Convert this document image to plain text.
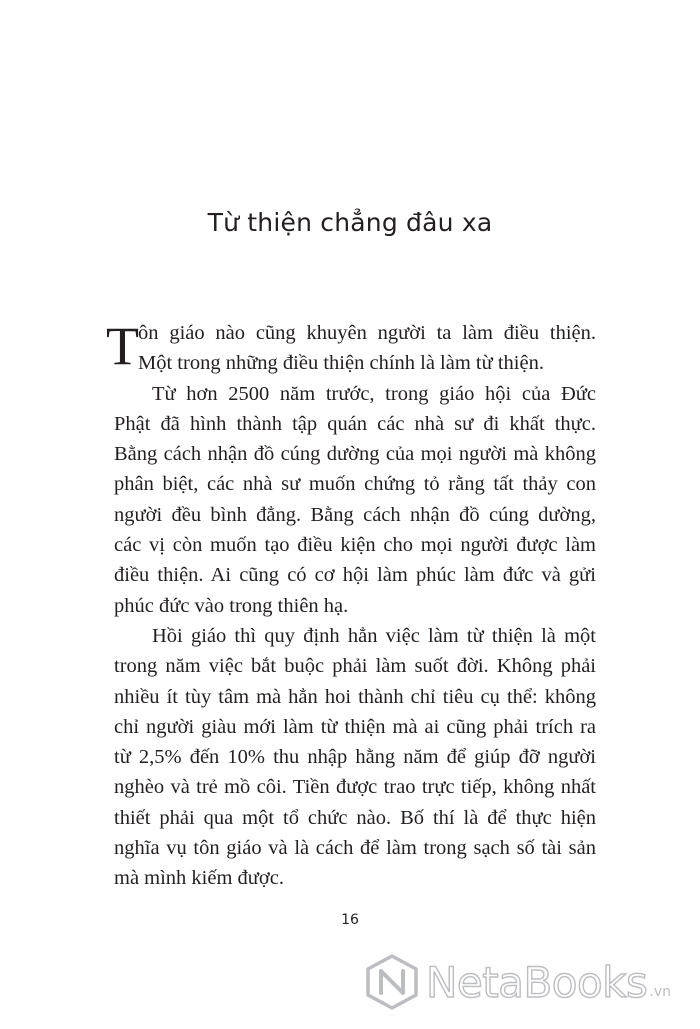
Từ thiện chẳng đâu xa
T ôn giáo nào cũng khuyên người ta làm điều thiện.
Một trong những điều thiện chính là làm từ thiện.
Từ hơn 2500 năm trước, trong giáo hội của Đức
Phật đã hình thành tập quán các nhà sư đi khất thực.
Bằng cách nhận đồ cúng dường của mọi người mà không
phân biệt, các nhà sư muốn chứng tỏ rằng tất thảy con
người đều bình đẳng. Bằng cách nhận đồ cúng dường,
các vị còn muốn tạo điều kiện cho mọi người được làm
điều thiện. Ai cũng có cơ hội làm phúc làm đức và gửi
phúc đức vào trong thiên hạ.
Hồi giáo thì quy định hẳn việc làm từ thiện là một
trong năm việc bắt buộc phải làm suốt đời. Không phải
nhiều ít tùy tâm mà hẳn hoi thành chỉ tiêu cụ thể: không
chỉ người giàu mới làm từ thiện mà ai cũng phải trích ra
từ 2,5% đến 10% thu nhập hằng năm để giúp đỡ người
nghèo và trẻ mồ côi. Tiền được trao trực tiếp, không nhất
thiết phải qua một tổ chức nào. Bố thí là để thực hiện
nghĩa vụ tôn giáo và là cách để làm trong sạch số tài sản
mà mình kiếm được.
16
NetaBooks .vn
